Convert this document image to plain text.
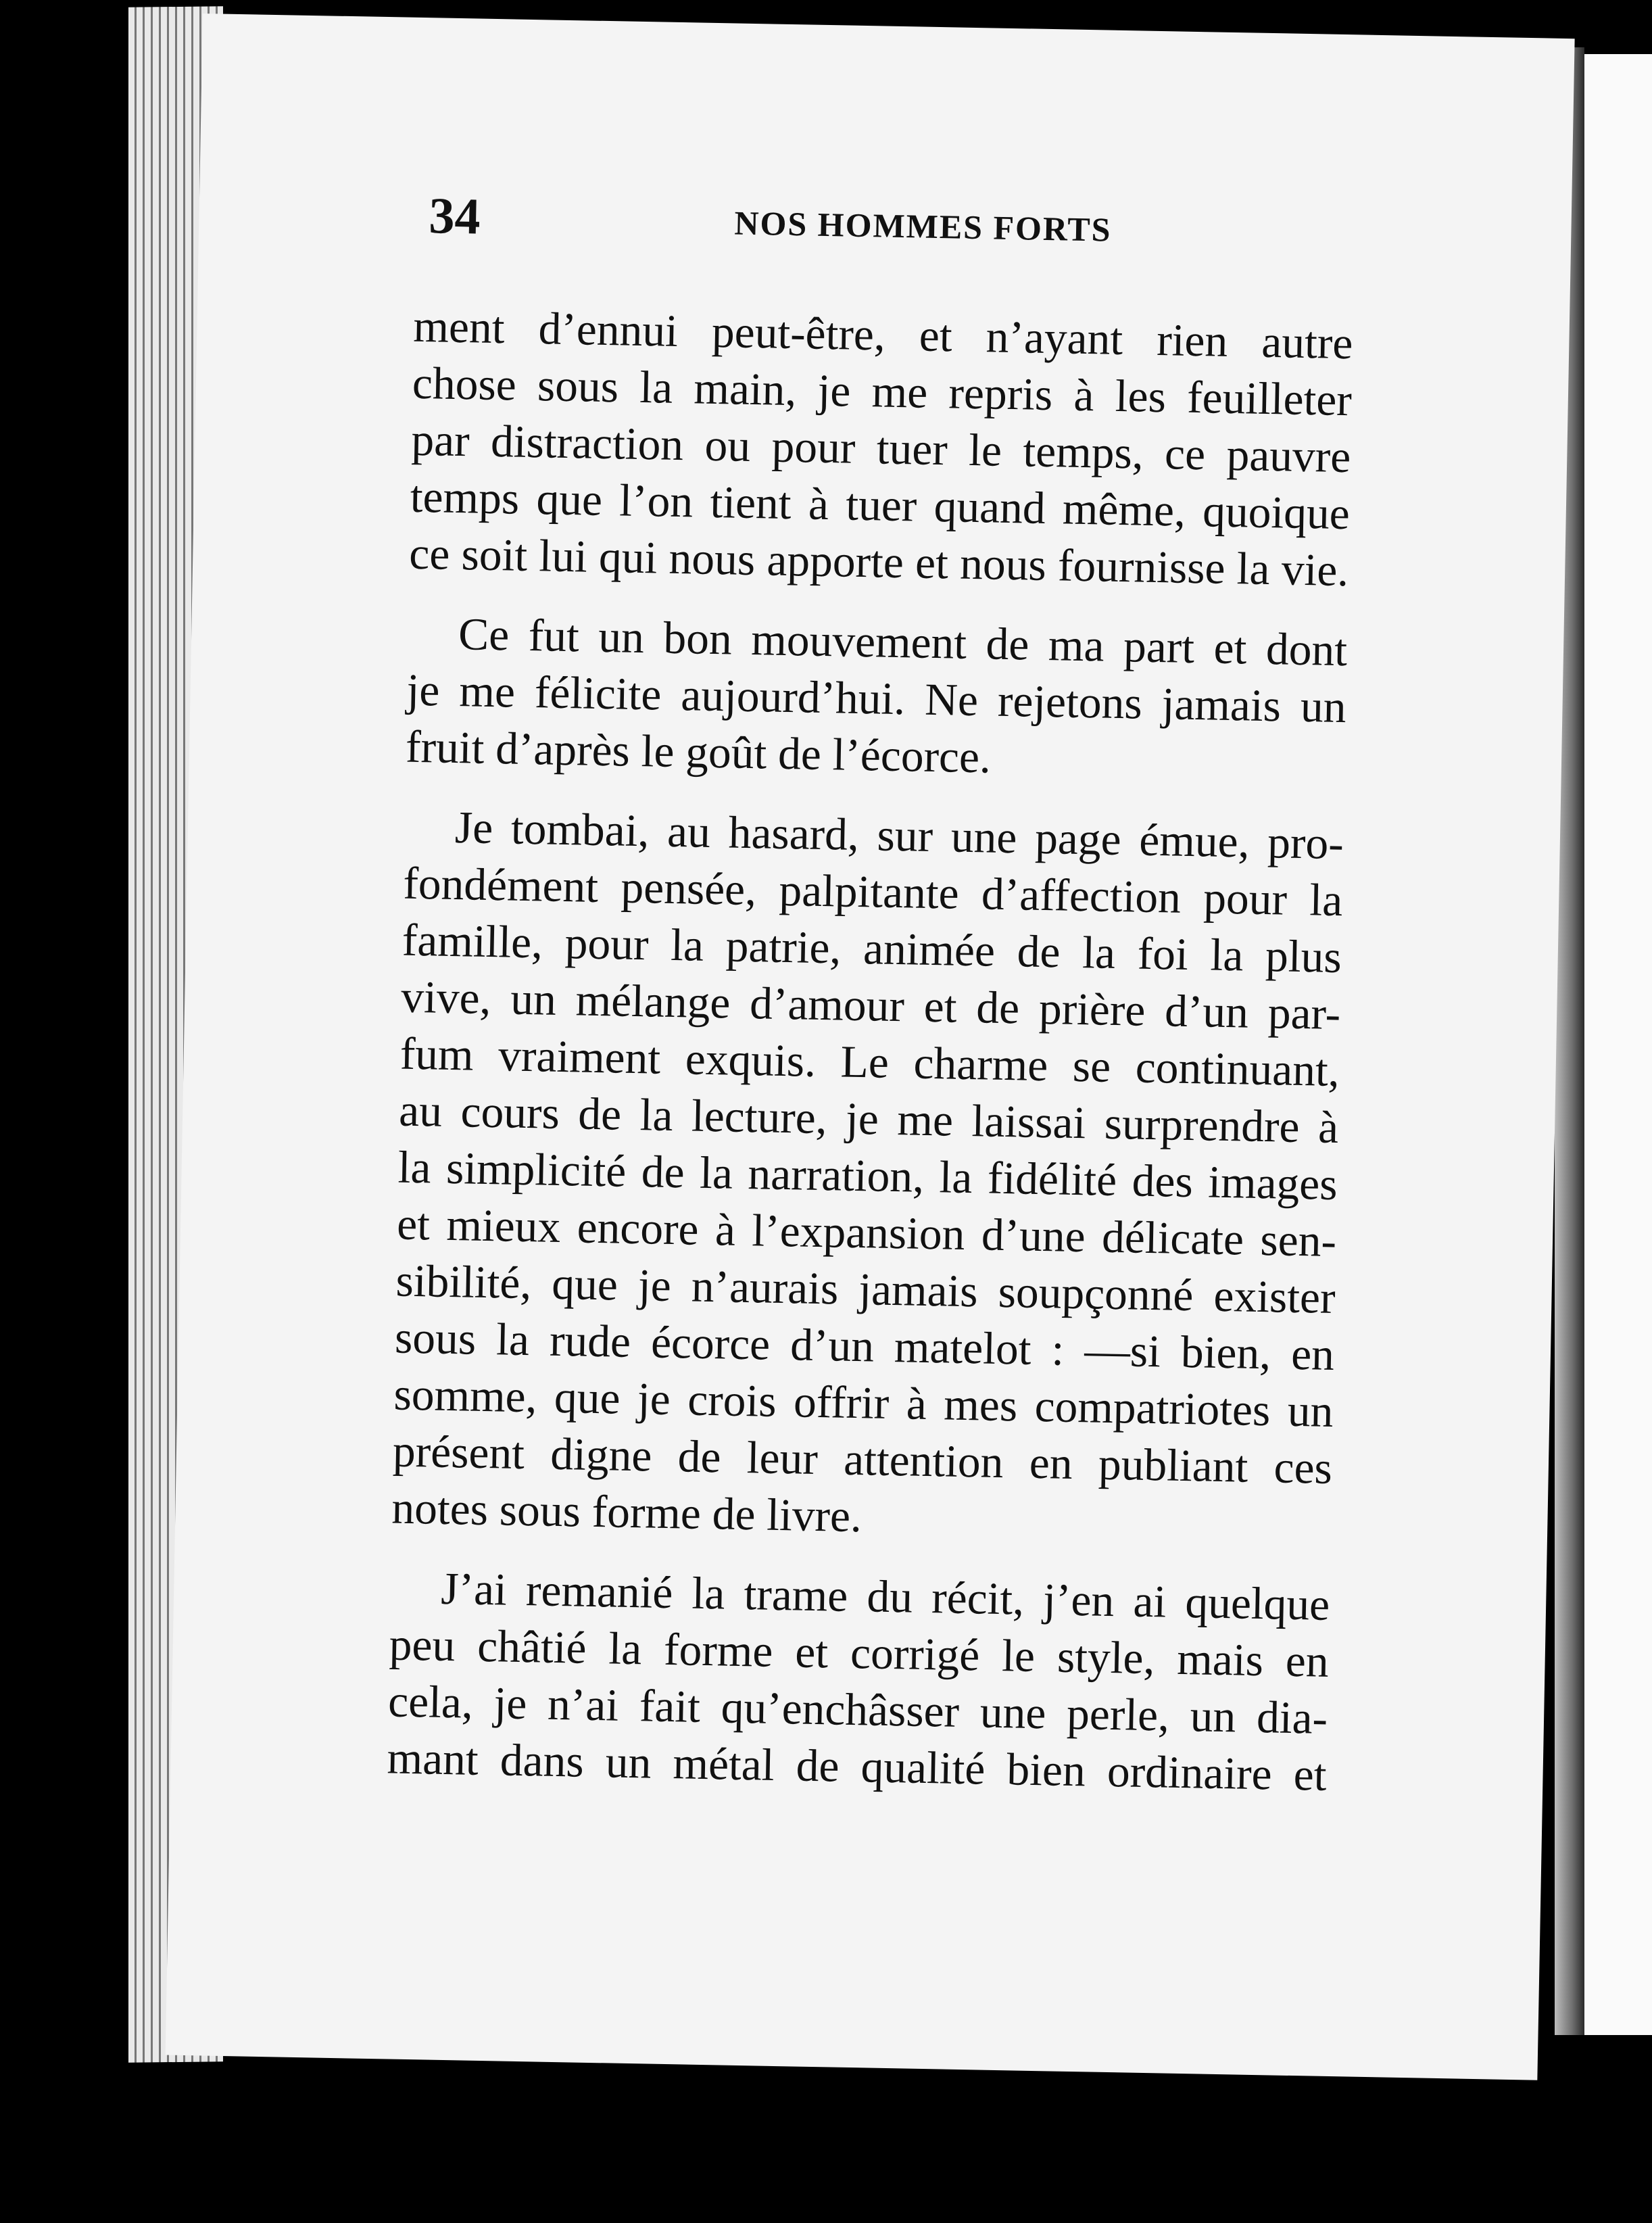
34	NOS HOMMES FORTS
ment d’ennui peut-être, et n’ayant rien autre
chose sous la main, je me repris à les feuilleter
par distraction ou pour tuer le temps, ce pauvre
temps que l’on tient à tuer quand même, quoique
ce soit lui qui nous apporte et nous fournisse la vie.
Ce fut un bon mouvement de ma part et dont
je me félicite aujourd’hui. Ne rejetons jamais un
fruit d’après le goût de l’écorce.
Je tombai, au hasard, sur une page émue, pro-
fondément pensée, palpitante d’affection pour la
famille, pour la patrie, animée de la foi la plus
vive, un mélange d’amour et de prière d’un par-
fum vraiment exquis. Le charme se continuant,
au cours de la lecture, je me laissai surprendre à
la simplicité de la narration, la fidélité des images
et mieux encore à l’expansion d’une délicate sen-
sibilité, que je n’aurais jamais soupçonné exister
sous la rude écorce d’un matelot : —si bien, en
somme, que je crois offrir à mes compatriotes un
présent digne de leur attention en publiant ces
notes sous forme de livre.
J’ai remanié la trame du récit, j’en ai quelque
peu châtié la forme et corrigé le style, mais en
cela, je n’ai fait qu’enchâsser une perle, un dia-
mant dans un métal de qualité bien ordinaire et
